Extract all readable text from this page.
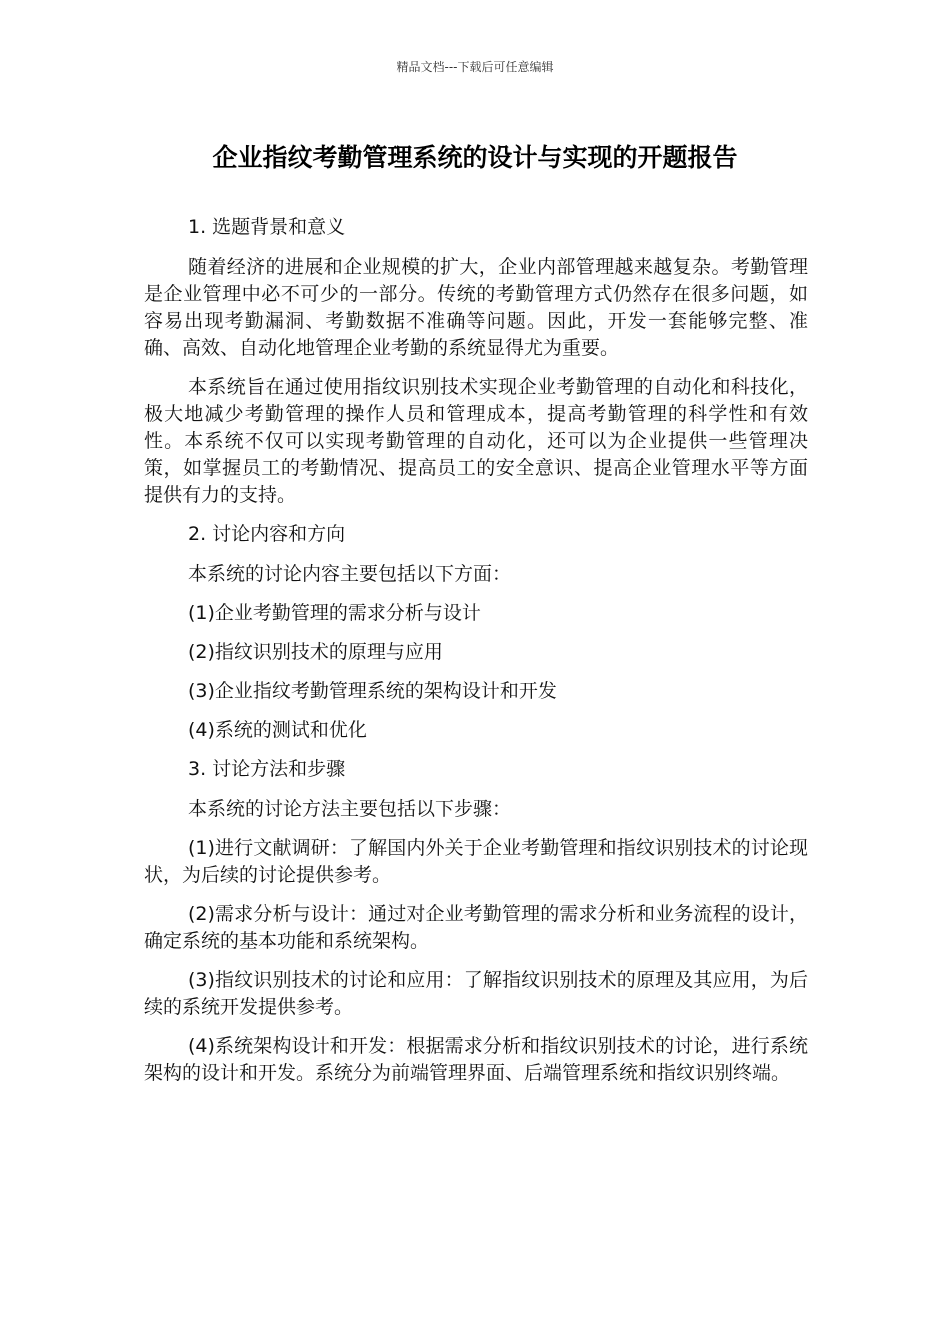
精品文档---下载后可任意编辑
企业指纹考勤管理系统的设计与实现的开题报告

1. 选题背景和意义

随着经济的进展和企业规模的扩大，企业内部管理越来越复杂。考勤管理是企业管理中必不可少的一部分。传统的考勤管理方式仍然存在很多问题，如容易出现考勤漏洞、考勤数据不准确等问题。因此，开发一套能够完整、准确、高效、自动化地管理企业考勤的系统显得尤为重要。

本系统旨在通过使用指纹识别技术实现企业考勤管理的自动化和科技化，极大地减少考勤管理的操作人员和管理成本，提高考勤管理的科学性和有效性。本系统不仅可以实现考勤管理的自动化，还可以为企业提供一些管理决策，如掌握员工的考勤情况、提高员工的安全意识、提高企业管理水平等方面提供有力的支持。

2. 讨论内容和方向

本系统的讨论内容主要包括以下方面：

(1)企业考勤管理的需求分析与设计

(2)指纹识别技术的原理与应用

(3)企业指纹考勤管理系统的架构设计和开发

(4)系统的测试和优化

3. 讨论方法和步骤

本系统的讨论方法主要包括以下步骤：

(1)进行文献调研：了解国内外关于企业考勤管理和指纹识别技术的讨论现状，为后续的讨论提供参考。

(2)需求分析与设计：通过对企业考勤管理的需求分析和业务流程的设计，确定系统的基本功能和系统架构。

(3)指纹识别技术的讨论和应用：了解指纹识别技术的原理及其应用，为后续的系统开发提供参考。

(4)系统架构设计和开发：根据需求分析和指纹识别技术的讨论，进行系统架构的设计和开发。系统分为前端管理界面、后端管理系统和指纹识别终端。
